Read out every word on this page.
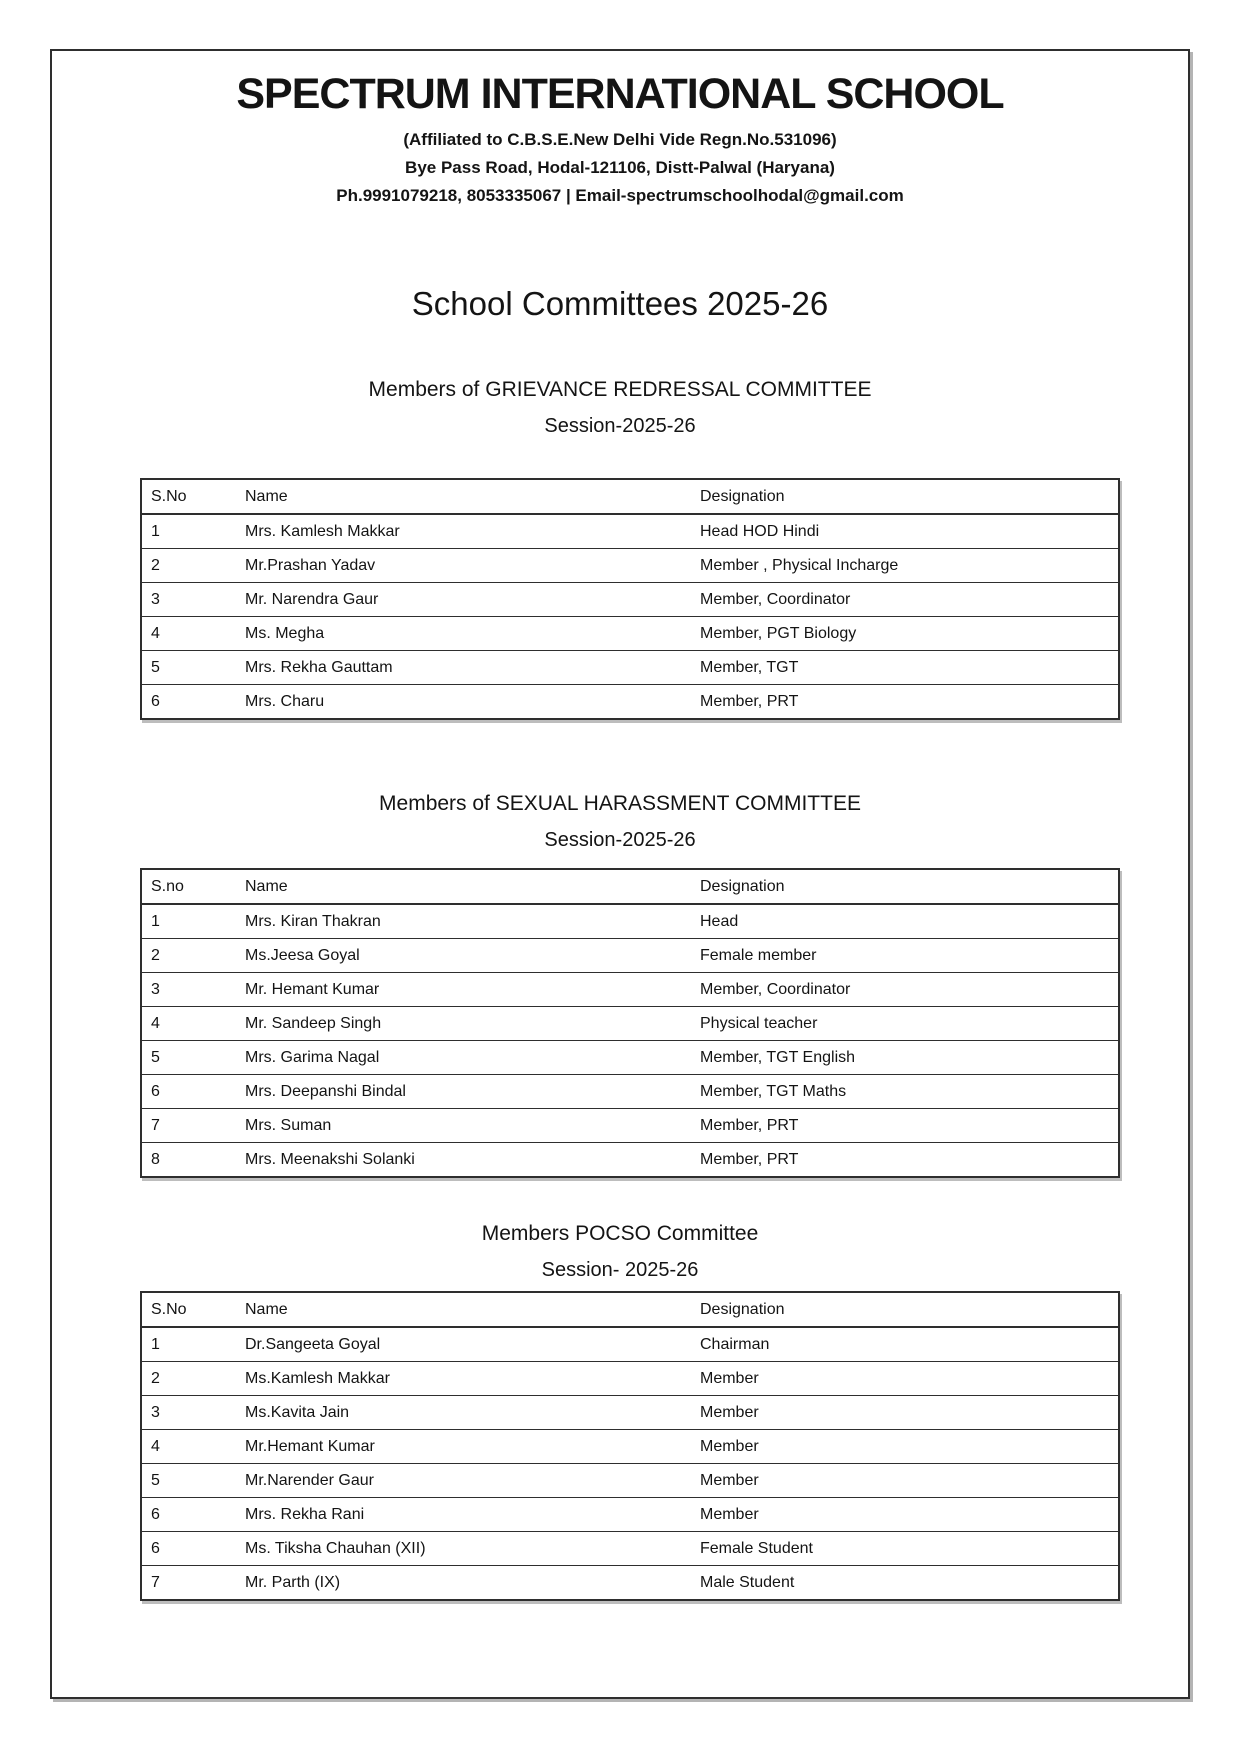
SPECTRUM INTERNATIONAL SCHOOL
(Affiliated to C.B.S.E.New Delhi Vide Regn.No.531096)
Bye Pass Road, Hodal-121106, Distt-Palwal (Haryana)
Ph.9991079218, 8053335067 | Email-spectrumschoolhodal@gmail.com
School Committees 2025-26
Members of GRIEVANCE REDRESSAL COMMITTEE
Session-2025-26
S.No	Name	Designation
1	Mrs. Kamlesh Makkar	Head HOD Hindi
2	Mr.Prashan Yadav	Member , Physical Incharge
3	Mr. Narendra Gaur	Member, Coordinator
4	Ms. Megha	Member, PGT Biology
5	Mrs. Rekha Gauttam	Member, TGT
6	Mrs. Charu	Member, PRT
Members of SEXUAL HARASSMENT COMMITTEE
Session-2025-26
S.no	Name	Designation
1	Mrs. Kiran Thakran	Head
2	Ms.Jeesa Goyal	Female member
3	Mr. Hemant Kumar	Member, Coordinator
4	Mr. Sandeep Singh	Physical teacher
5	Mrs. Garima Nagal	Member, TGT English
6	Mrs. Deepanshi Bindal	Member, TGT Maths
7	Mrs. Suman	Member, PRT
8	Mrs. Meenakshi Solanki	Member, PRT
Members POCSO Committee
Session- 2025-26
S.No	Name	Designation
1	Dr.Sangeeta Goyal	Chairman
2	Ms.Kamlesh Makkar	Member
3	Ms.Kavita Jain	Member
4	Mr.Hemant Kumar	Member
5	Mr.Narender Gaur	Member
6	Mrs. Rekha Rani	Member
6	Ms. Tiksha Chauhan (XII)	Female Student
7	Mr. Parth (IX)	Male Student
